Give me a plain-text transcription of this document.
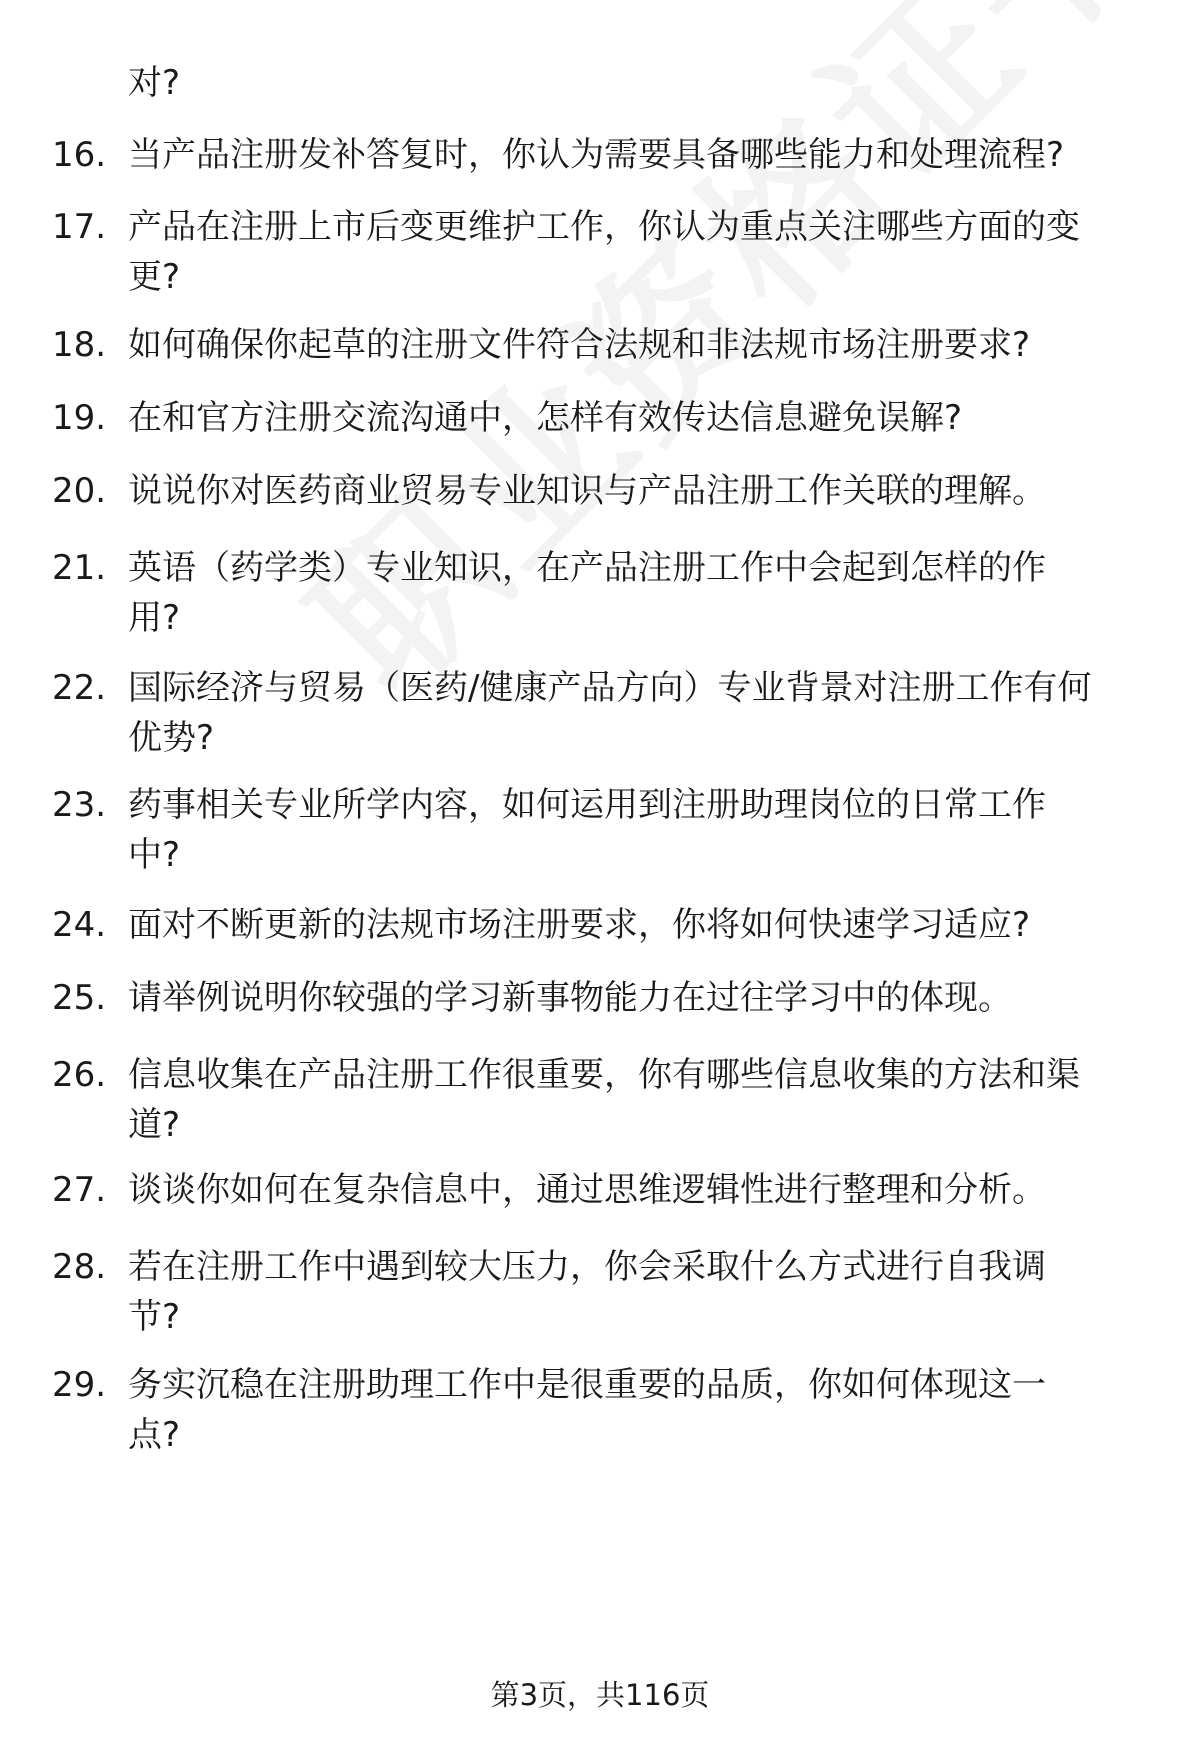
对?
16. 当产品注册发补答复时，你认为需要具备哪些能力和处理流程?
17. 产品在注册上市后变更维护工作，你认为重点关注哪些方面的变
更?
18. 如何确保你起草的注册文件符合法规和非法规市场注册要求?
19. 在和官方注册交流沟通中，怎样有效传达信息避免误解?
20. 说说你对医药商业贸易专业知识与产品注册工作关联的理解。
21. 英语（药学类）专业知识，在产品注册工作中会起到怎样的作
用?
22. 国际经济与贸易（医药/健康产品方向）专业背景对注册工作有何
优势?
23. 药事相关专业所学内容，如何运用到注册助理岗位的日常工作
中?
24. 面对不断更新的法规市场注册要求，你将如何快速学习适应?
25. 请举例说明你较强的学习新事物能力在过往学习中的体现。
26. 信息收集在产品注册工作很重要，你有哪些信息收集的方法和渠
道?
27. 谈谈你如何在复杂信息中，通过思维逻辑性进行整理和分析。
28. 若在注册工作中遇到较大压力，你会采取什么方式进行自我调
节?
29. 务实沉稳在注册助理工作中是很重要的品质，你如何体现这一
点?
第3页，共116页
